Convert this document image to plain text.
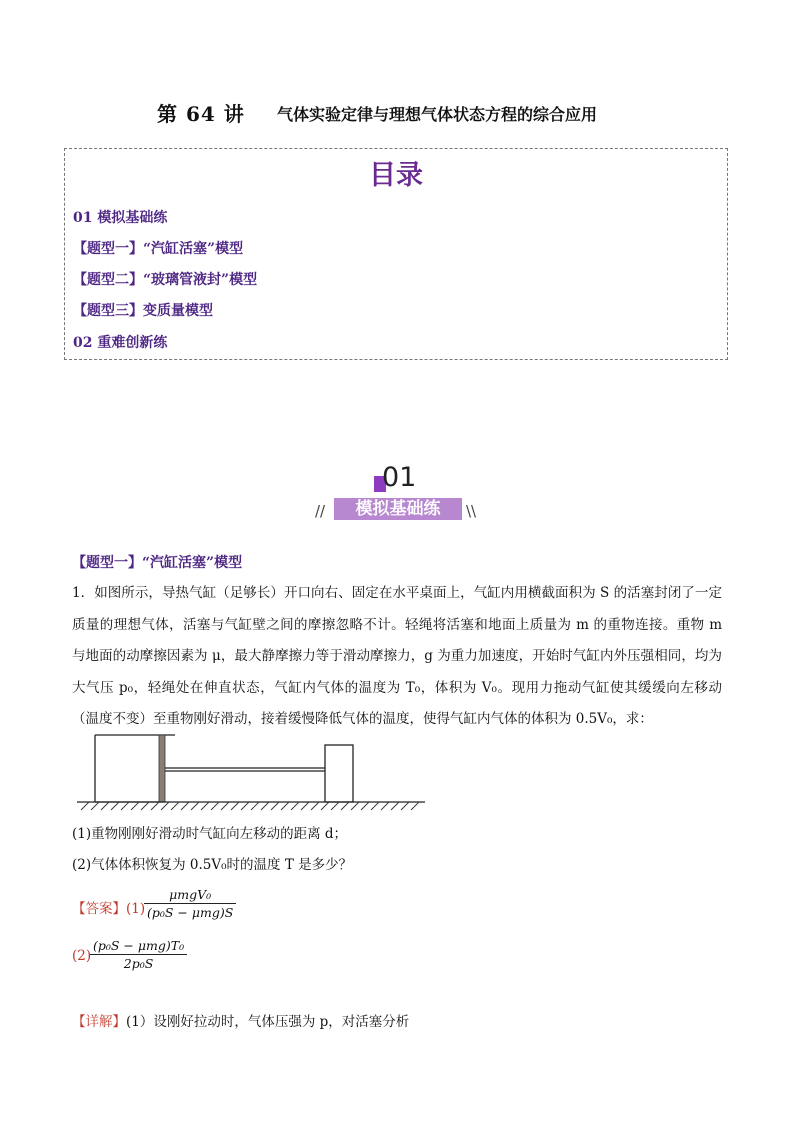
第 64 讲 气体实验定律与理想气体状态方程的综合应用
目录
01 模拟基础练
【题型一】“汽缸活塞”模型
【题型二】“玻璃管液封”模型
【题型三】变质量模型
02 重难创新练
01
模拟基础练
//	\\
【题型一】“汽缸活塞”模型

1．如图所示，导热气缸（足够长）开口向右、固定在水平桌面上，气缸内用横截面积为 S 的活塞封闭了一定质量的理想气体，活塞与气缸壁之间的摩擦忽略不计。轻绳将活塞和地面上质量为 m 的重物连接。重物 m 与地面的动摩擦因素为 μ，最大静摩擦力等于滑动摩擦力，g 为重力加速度，开始时气缸内外压强相同，均为大气压 p₀，轻绳处在伸直状态，气缸内气体的温度为 T₀，体积为 V₀。现用力拖动气缸使其缓缓向左移动（温度不变）至重物刚好滑动，接着缓慢降低气体的温度，使得气缸内气体的体积为 0.5V₀，求：

(1)重物刚刚好滑动时气缸向左移动的距离 d；
(2)气体体积恢复为 0.5V₀时的温度 T 是多少？
【答案】(1)
μmgV₀
(p₀S − μmg)S
(2)
(p₀S − μmg)T₀
2p₀S
【详解】(1）设刚好拉动时，气体压强为 p，对活塞分析
